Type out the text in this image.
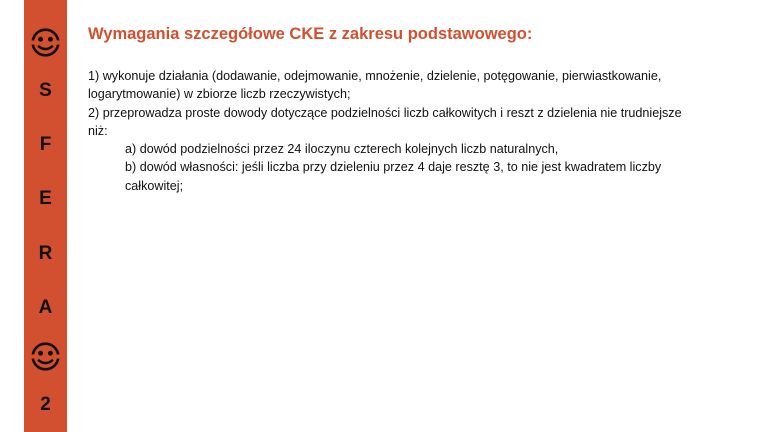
S
F
E
R
A
2
Wymagania szczegółowe CKE z zakresu podstawowego:
1) wykonuje działania (dodawanie, odejmowanie, mnożenie, dzielenie, potęgowanie, pierwiastkowanie,
logarytmowanie) w zbiorze liczb rzeczywistych;
2) przeprowadza proste dowody dotyczące podzielności liczb całkowitych i reszt z dzielenia nie trudniejsze
niż:
a) dowód podzielności przez 24 iloczynu czterech kolejnych liczb naturalnych,
b) dowód własności: jeśli liczba przy dzieleniu przez 4 daje resztę 3, to nie jest kwadratem liczby
całkowitej;
